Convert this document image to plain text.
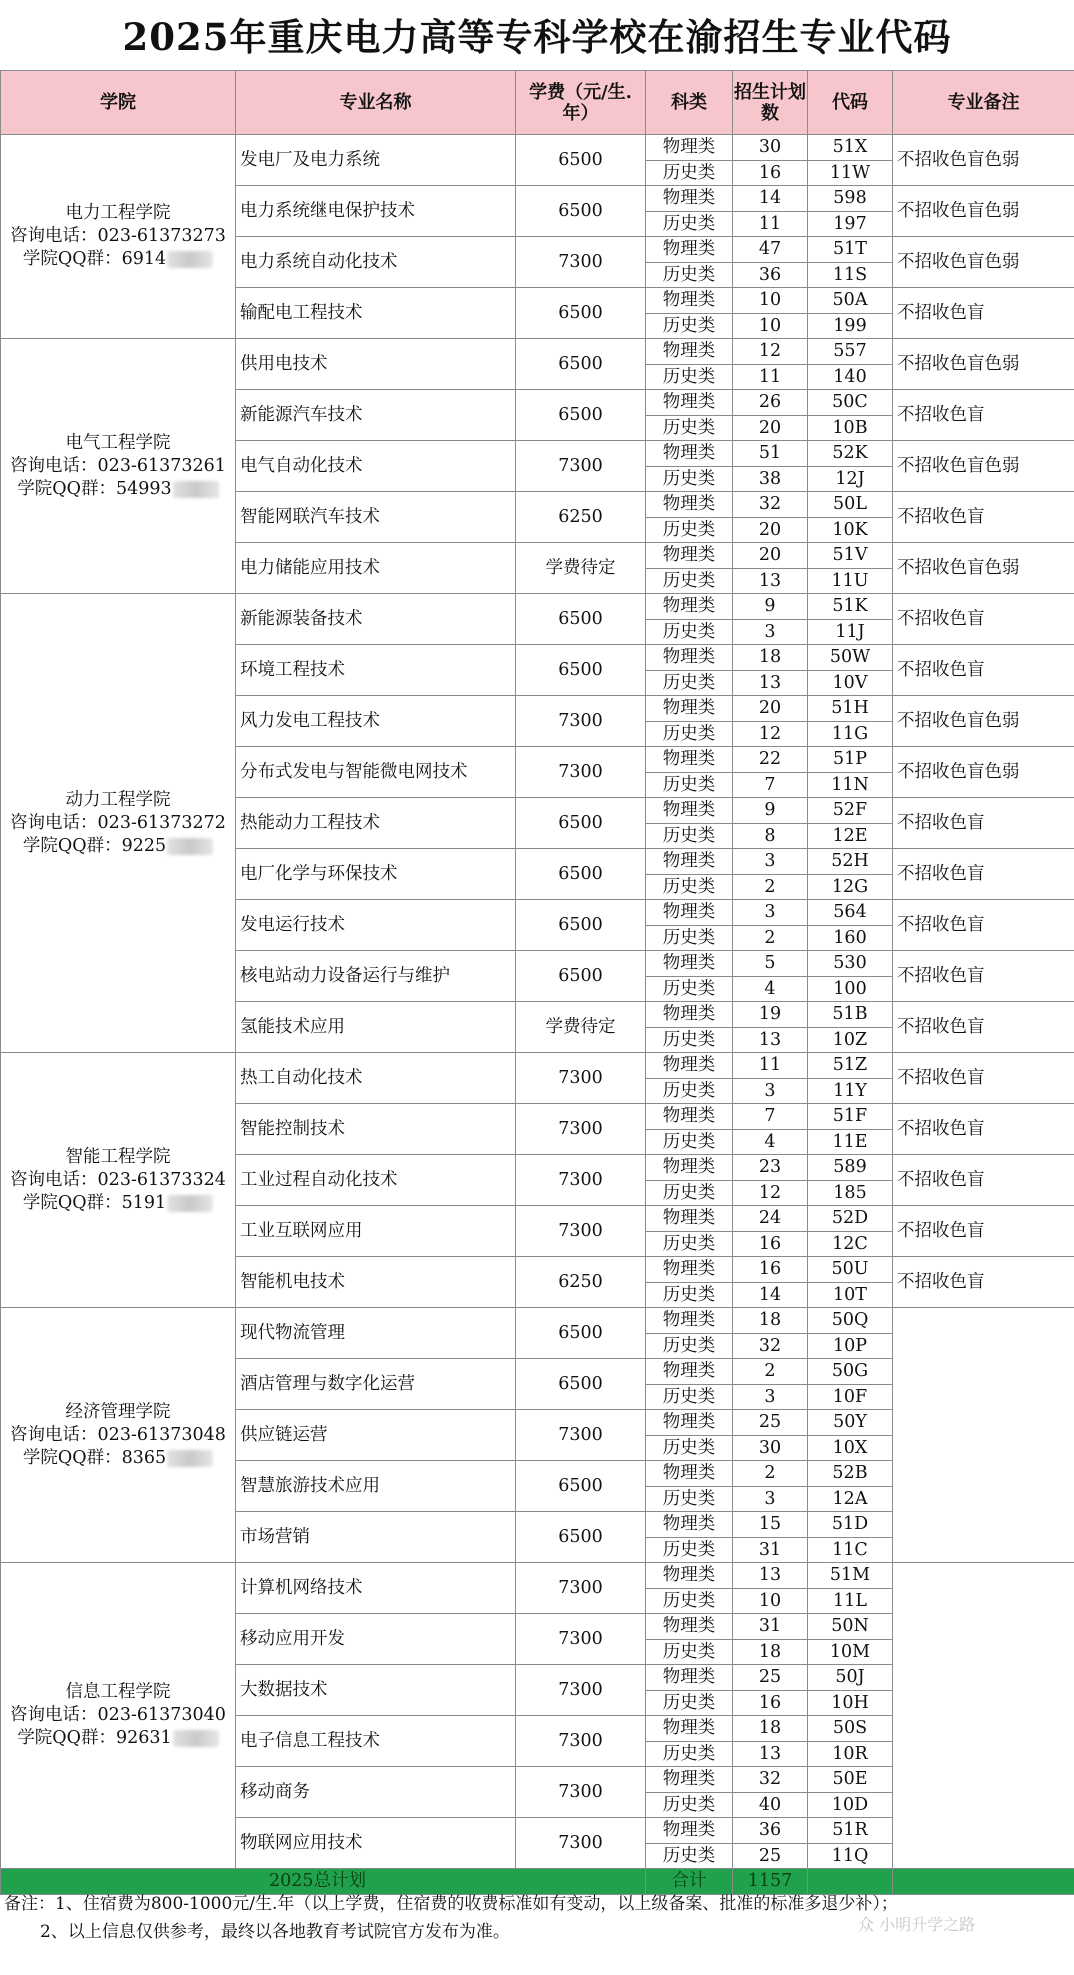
2025年重庆电力高等专科学校在渝招生专业代码
学院	专业名称	学费（元/生.年）	科类	招生计划数	代码	专业备注

电力工程学院
咨询电话：023-61373273
学院QQ群：6914	发电厂及电力系统	6500	物理类	30	51X	不招收色盲色弱
			历史类	16	11W	
	电力系统继电保护技术	6500	物理类	14	598	不招收色盲色弱
			历史类	11	197	
	电力系统自动化技术	7300	物理类	47	51T	不招收色盲色弱
			历史类	36	11S	
	输配电工程技术	6500	物理类	10	50A	不招收色盲
			历史类	10	199	

电气工程学院
咨询电话：023-61373261
学院QQ群：54993	供用电技术	6500	物理类	12	557	不招收色盲色弱
			历史类	11	140	
	新能源汽车技术	6500	物理类	26	50C	不招收色盲
			历史类	20	10B	
	电气自动化技术	7300	物理类	51	52K	不招收色盲色弱
			历史类	38	12J	
	智能网联汽车技术	6250	物理类	32	50L	不招收色盲
			历史类	20	10K	
	电力储能应用技术	学费待定	物理类	20	51V	不招收色盲色弱
			历史类	13	11U	

动力工程学院
咨询电话：023-61373272
学院QQ群：9225	新能源装备技术	6500	物理类	9	51K	不招收色盲
			历史类	3	11J	
	环境工程技术	6500	物理类	18	50W	不招收色盲
			历史类	13	10V	
	风力发电工程技术	7300	物理类	20	51H	不招收色盲色弱
			历史类	12	11G	
	分布式发电与智能微电网技术	7300	物理类	22	51P	不招收色盲色弱
			历史类	7	11N	
	热能动力工程技术	6500	物理类	9	52F	不招收色盲
			历史类	8	12E	
	电厂化学与环保技术	6500	物理类	3	52H	不招收色盲
			历史类	2	12G	
	发电运行技术	6500	物理类	3	564	不招收色盲
			历史类	2	160	
	核电站动力设备运行与维护	6500	物理类	5	530	不招收色盲
			历史类	4	100	
	氢能技术应用	学费待定	物理类	19	51B	不招收色盲
			历史类	13	10Z	

智能工程学院
咨询电话：023-61373324
学院QQ群：5191	热工自动化技术	7300	物理类	11	51Z	不招收色盲
			历史类	3	11Y	
	智能控制技术	7300	物理类	7	51F	不招收色盲
			历史类	4	11E	
	工业过程自动化技术	7300	物理类	23	589	不招收色盲
			历史类	12	185	
	工业互联网应用	7300	物理类	24	52D	不招收色盲
			历史类	16	12C	
	智能机电技术	6250	物理类	16	50U	不招收色盲
			历史类	14	10T	

经济管理学院
咨询电话：023-61373048
学院QQ群：8365	现代物流管理	6500	物理类	18	50Q	
			历史类	32	10P	
	酒店管理与数字化运营	6500	物理类	2	50G	
			历史类	3	10F	
	供应链运营	7300	物理类	25	50Y	
			历史类	30	10X	
	智慧旅游技术应用	6500	物理类	2	52B	
			历史类	3	12A	
	市场营销	6500	物理类	15	51D	
			历史类	31	11C	

信息工程学院
咨询电话：023-61373040
学院QQ群：92631	计算机网络技术	7300	物理类	13	51M	
			历史类	10	11L	
	移动应用开发	7300	物理类	31	50N	
			历史类	18	10M	
	大数据技术	7300	物理类	25	50J	
			历史类	16	10H	
	电子信息工程技术	7300	物理类	18	50S	
			历史类	13	10R	
	移动商务	7300	物理类	32	50E	
			历史类	40	10D	
	物联网应用技术	7300	物理类	36	51R	
			历史类	25	11Q	
2025总计划			合计	1157		
备注：1、住宿费为800-1000元/生.年（以上学费，住宿费的收费标准如有变动，以上级备案、批准的标准多退少补）；
2、以上信息仅供参考，最终以各地教育考试院官方发布为准。	众 小明升学之路
